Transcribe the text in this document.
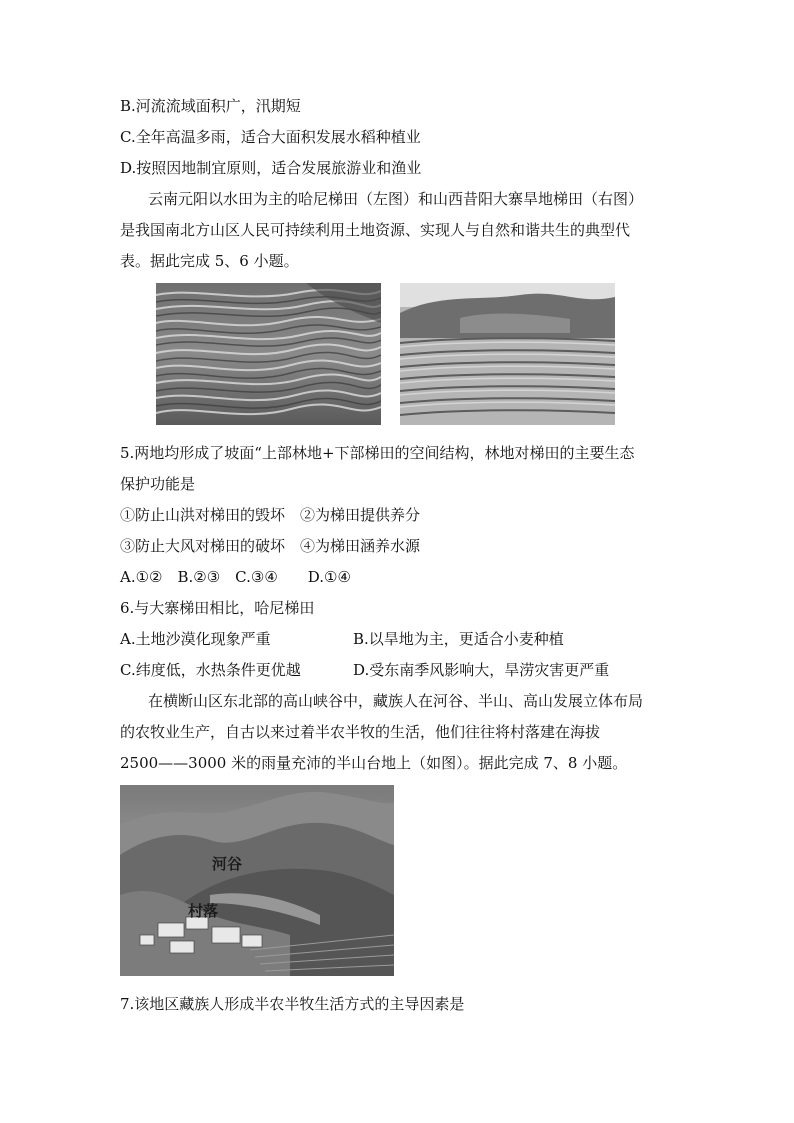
B.河流流域面积广，汛期短
C.全年高温多雨，适合大面积发展水稻种植业
D.按照因地制宜原则，适合发展旅游业和渔业
云南元阳以水田为主的哈尼梯田（左图）和山西昔阳大寨旱地梯田（右图）
是我国南北方山区人民可持续利用土地资源、实现人与自然和谐共生的典型代
表。据此完成 5、6 小题。
5.两地均形成了坡面“上部林地+下部梯田的空间结构，林地对梯田的主要生态
保护功能是
①防止山洪对梯田的毁坏　②为梯田提供养分
③防止大风对梯田的破坏　④为梯田涵养水源
A.①②　B.②③　C.③④　　D.①④
6.与大寨梯田相比，哈尼梯田
A.土地沙漠化现象严重	B.以旱地为主，更适合小麦种植
C.纬度低，水热条件更优越	D.受东南季风影响大，旱涝灾害更严重
在横断山区东北部的高山峡谷中，藏族人在河谷、半山、高山发展立体布局
的农牧业生产，自古以来过着半农半牧的生活，他们往往将村落建在海拔
2500——3000 米的雨量充沛的半山台地上（如图）。据此完成 7、8 小题。
河谷
村落
7.该地区藏族人形成半农半牧生活方式的主导因素是
